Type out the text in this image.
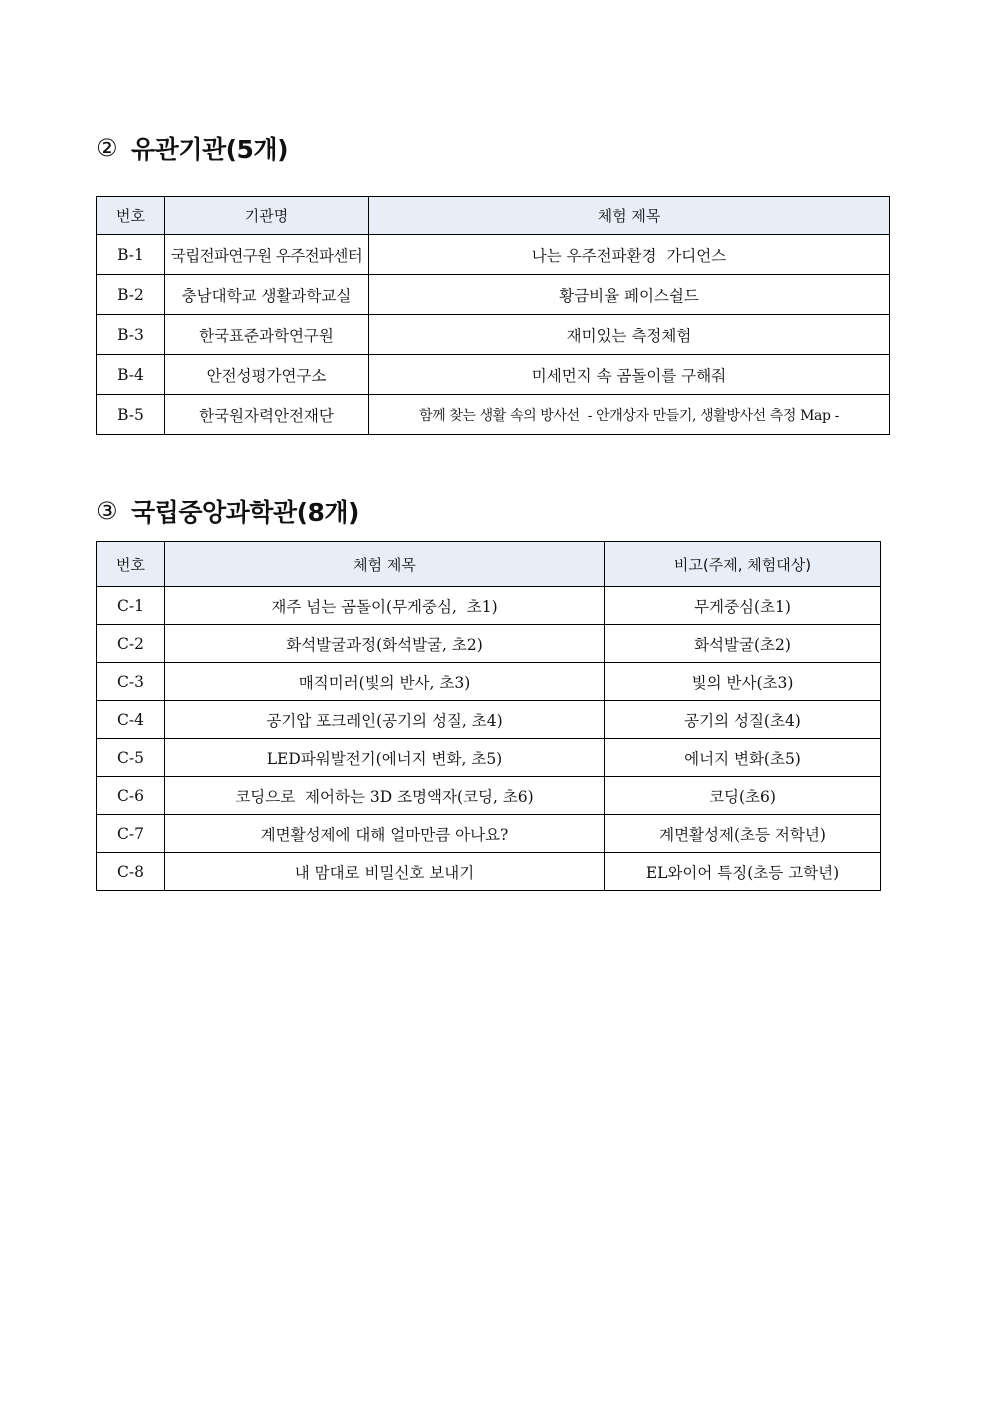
② 유관기관(5개)
번호	기관명	체험 제목
B-1	국립전파연구원 우주전파센터	나는 우주전파환경  가디언스
B-2	충남대학교 생활과학교실	황금비율 페이스쉴드
B-3	한국표준과학연구원	재미있는 측정체험
B-4	안전성평가연구소	미세먼지 속 곰돌이를 구해줘
B-5	한국원자력안전재단	함께 찾는 생활 속의 방사선  - 안개상자 만들기, 생활방사선 측정 Map -
③ 국립중앙과학관(8개)
번호	체험 제목	비고(주제, 체험대상)
C-1	재주 넘는 곰돌이(무게중심,  초1)	무게중심(초1)
C-2	화석발굴과정(화석발굴, 초2)	화석발굴(초2)
C-3	매직미러(빛의 반사, 초3)	빛의 반사(초3)
C-4	공기압 포크레인(공기의 성질, 초4)	공기의 성질(초4)
C-5	LED파워발전기(에너지 변화, 초5)	에너지 변화(초5)
C-6	코딩으로  제어하는 3D 조명액자(코딩, 초6)	코딩(초6)
C-7	계면활성제에 대해 얼마만큼 아나요?	계면활성제(초등 저학년)
C-8	내 맘대로 비밀신호 보내기	EL와이어 특징(초등 고학년)
